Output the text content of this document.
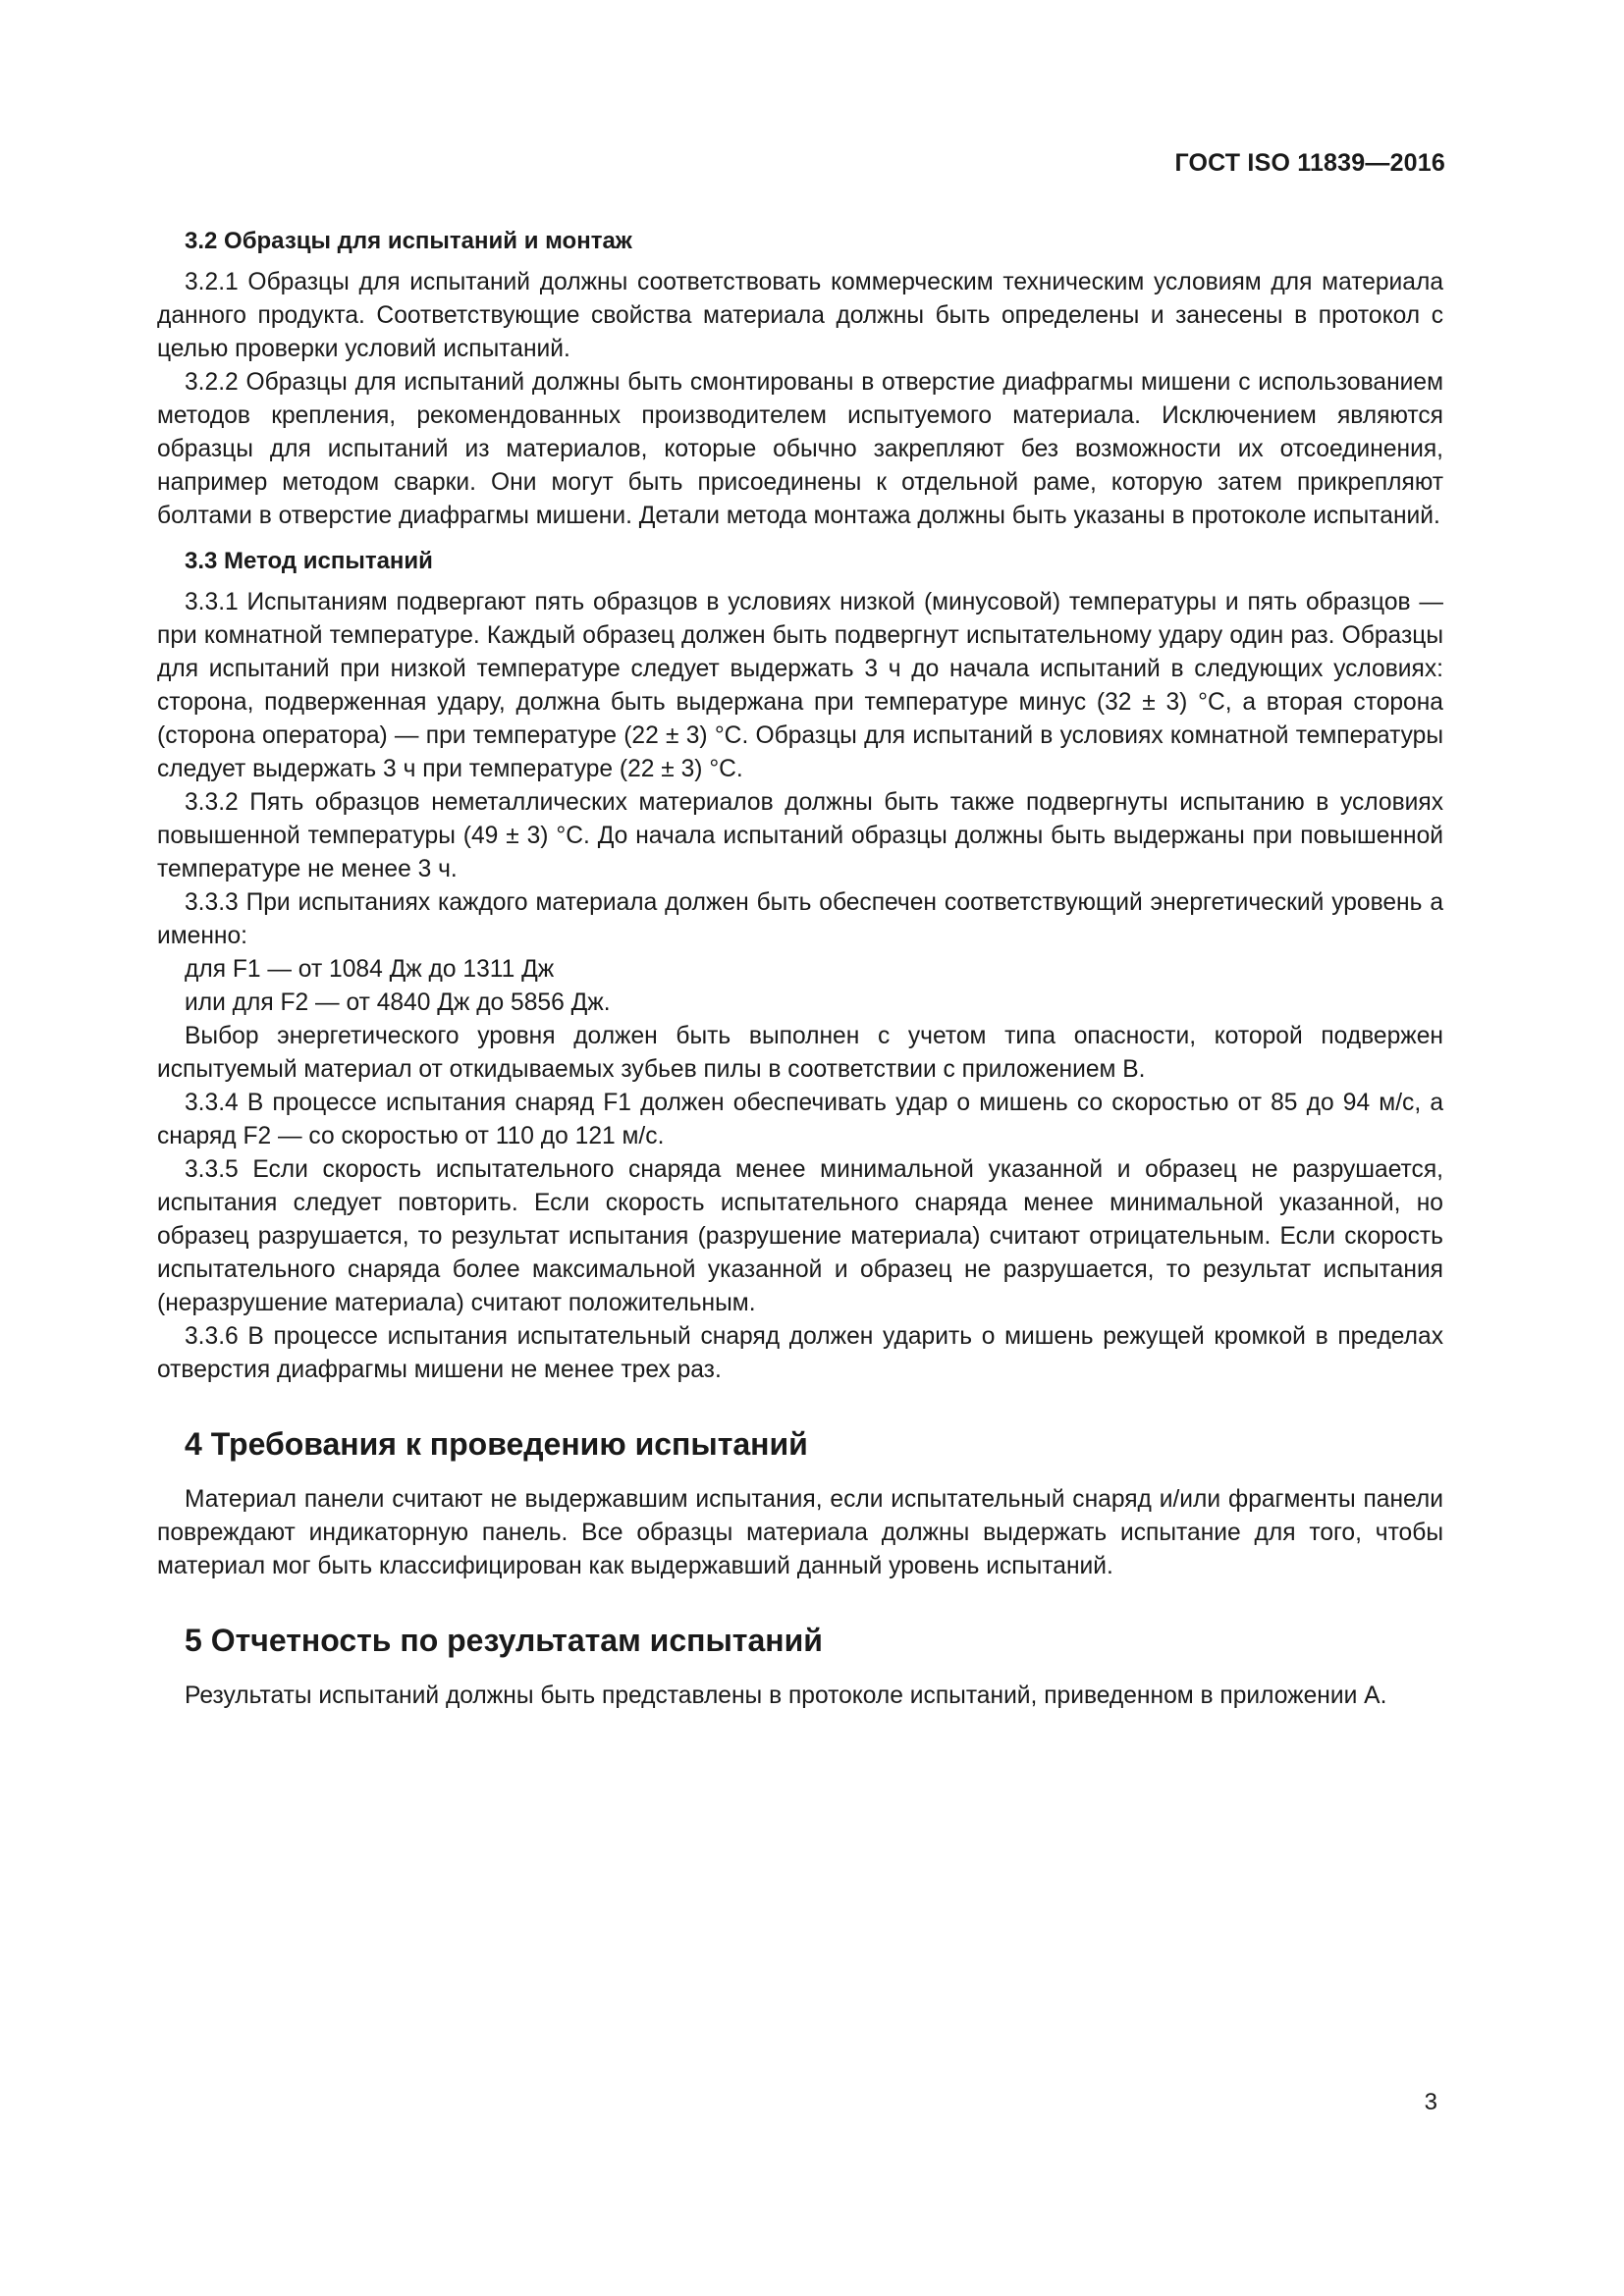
ГОСТ ISO 11839—2016

3.2 Образцы для испытаний и монтаж

3.2.1 Образцы для испытаний должны соответствовать коммерческим техническим условиям для материала данного продукта. Соответствующие свойства материала должны быть определены и занесены в протокол с целью проверки условий испытаний.

3.2.2 Образцы для испытаний должны быть смонтированы в отверстие диафрагмы мишени с использованием методов крепления, рекомендованных производителем испытуемого материала. Исключением являются образцы для испытаний из материалов, которые обычно закрепляют без возможности их отсоединения, например методом сварки. Они могут быть присоединены к отдельной раме, которую затем прикрепляют болтами в отверстие диафрагмы мишени. Детали метода монтажа должны быть указаны в протоколе испытаний.

3.3 Метод испытаний

3.3.1 Испытаниям подвергают пять образцов в условиях низкой (минусовой) температуры и пять образцов — при комнатной температуре. Каждый образец должен быть подвергнут испытательному удару один раз. Образцы для испытаний при низкой температуре следует выдержать 3 ч до начала испытаний в следующих условиях: сторона, подверженная удару, должна быть выдержана при температуре минус (32 ± 3) °С, а вторая сторона (сторона оператора) — при температуре (22 ± 3) °С. Образцы для испытаний в условиях комнатной температуры следует выдержать 3 ч при температуре (22 ± 3) °С.

3.3.2 Пять образцов неметаллических материалов должны быть также подвергнуты испытанию в условиях повышенной температуры (49 ± 3) °С. До начала испытаний образцы должны быть выдержаны при повышенной температуре не менее 3 ч.

3.3.3 При испытаниях каждого материала должен быть обеспечен соответствующий энергетический уровень а именно:

для F1 — от 1084 Дж до 1311 Дж

или для F2 — от 4840 Дж до 5856 Дж.

Выбор энергетического уровня должен быть выполнен с учетом типа опасности, которой подвержен испытуемый материал от откидываемых зубьев пилы в соответствии с приложением В.

3.3.4 В процессе испытания снаряд F1 должен обеспечивать удар о мишень со скоростью от 85 до 94 м/с, а снаряд F2 — со скоростью от 110 до 121 м/с.

3.3.5 Если скорость испытательного снаряда менее минимальной указанной и образец не разрушается, испытания следует повторить. Если скорость испытательного снаряда менее минимальной указанной, но образец разрушается, то результат испытания (разрушение материала) считают отрицательным. Если скорость испытательного снаряда более максимальной указанной и образец не разрушается, то результат испытания (неразрушение материала) считают положительным.

3.3.6 В процессе испытания испытательный снаряд должен ударить о мишень режущей кромкой в пределах отверстия диафрагмы мишени не менее трех раз.

4 Требования к проведению испытаний

Материал панели считают не выдержавшим испытания, если испытательный снаряд и/или фрагменты панели повреждают индикаторную панель. Все образцы материала должны выдержать испытание для того, чтобы материал мог быть классифицирован как выдержавший данный уровень испытаний.

5 Отчетность по результатам испытаний

Результаты испытаний должны быть представлены в протоколе испытаний, приведенном в приложении А.

3
